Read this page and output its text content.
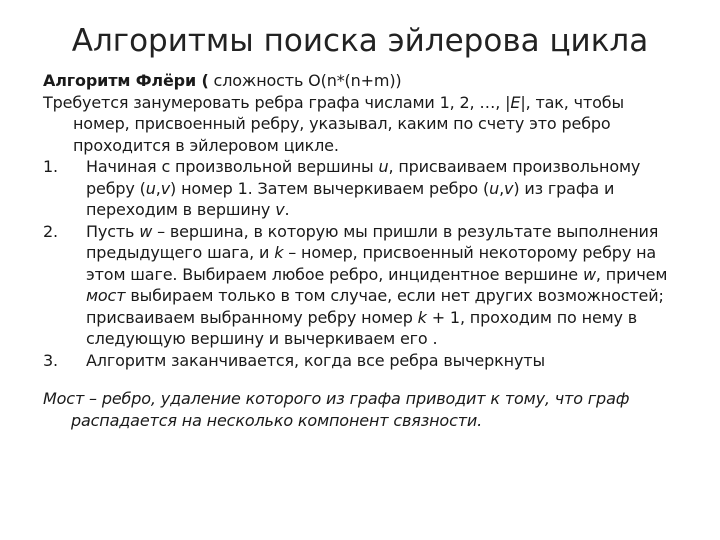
Алгоритмы поиска эйлерова цикла

Алгоритм Флёри ( сложность O(n*(n+m))

Требуется занумеровать ребра графа числами 1, 2, …, |E|, так, чтобы номер, присвоенный ребру, указывал, каким по счету это ребро проходится в эйлеровом цикле.

1.	Начиная с произвольной вершины u, присваиваем произвольному ребру (u,v) номер 1. Затем вычеркиваем ребро (u,v) из графа и переходим в вершину v.

2.	Пусть w – вершина, в которую мы пришли в результате выполнения предыдущего шага, и k – номер, присвоенный некоторому ребру на этом шаге. Выбираем любое ребро, инцидентное вершине w, причем мост выбираем только в том случае, если нет других возможностей; присваиваем выбранному ребру номер k + 1, проходим по нему в следующую вершину и вычеркиваем его .

3.	Алгоритм заканчивается, когда все ребра вычеркнуты

Мост – ребро, удаление которого из графа приводит к тому, что граф распадается на несколько компонент связности.
